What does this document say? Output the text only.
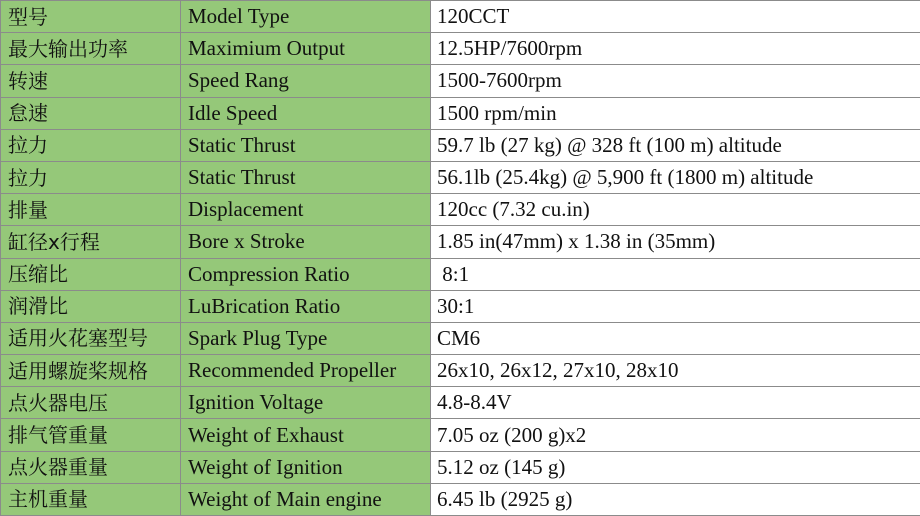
型号	Model Type	120CCT
最大输出功率	Maximium Output	12.5HP/7600rpm
转速	Speed Rang	1500-7600rpm
怠速	Idle Speed	1500 rpm/min
拉力	Static Thrust	59.7 lb (27 kg) @ 328 ft (100 m) altitude
拉力	Static Thrust	56.1lb (25.4kg) @ 5,900 ft (1800 m) altitude
排量	Displacement	120cc (7.32 cu.in)
缸径x行程	Bore x Stroke	1.85 in(47mm) x 1.38 in (35mm)
压缩比	Compression Ratio	8:1
润滑比	LuBrication Ratio	30:1
适用火花塞型号	Spark Plug Type	CM6
适用螺旋桨规格	Recommended Propeller	26x10, 26x12, 27x10, 28x10
点火器电压	Ignition Voltage	4.8-8.4V
排气管重量	Weight of Exhaust	7.05 oz (200 g)x2
点火器重量	Weight of Ignition	5.12 oz (145 g)
主机重量	Weight of Main engine	6.45 lb (2925 g)
